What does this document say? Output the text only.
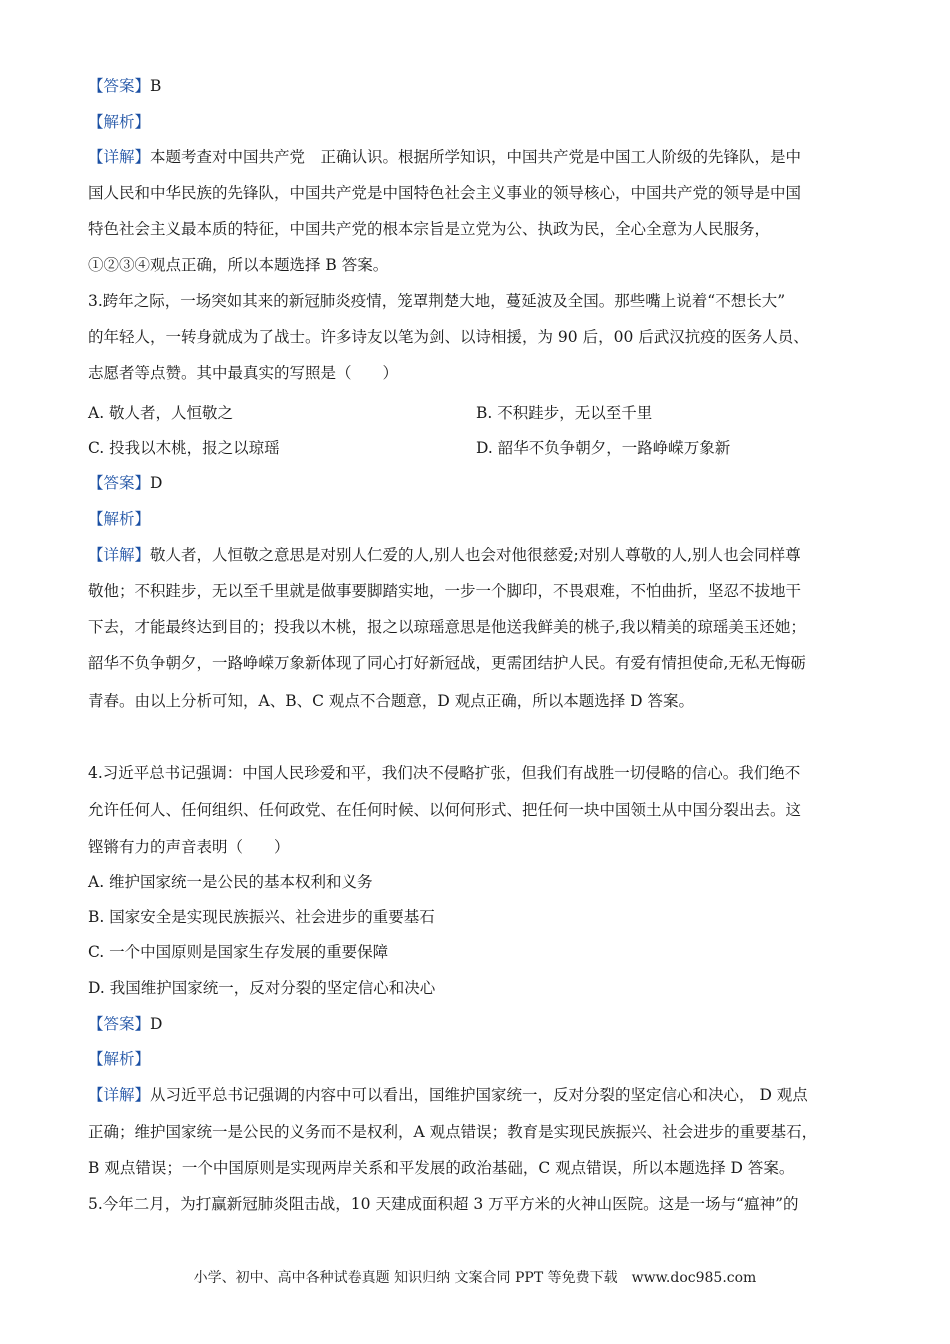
【答案】B
【解析】
【详解】本题考查对中国共产党　正确认识。根据所学知识，中国共产党是中国工人阶级的先锋队，是中
国人民和中华民族的先锋队，中国共产党是中国特色社会主义事业的领导核心，中国共产党的领导是中国
特色社会主义最本质的特征，中国共产党的根本宗旨是立党为公、执政为民，全心全意为人民服务，
①②③④观点正确，所以本题选择 B 答案。
3.跨年之际，一场突如其来的新冠肺炎疫情，笼罩荆楚大地，蔓延波及全国。那些嘴上说着“不想长大”
的年轻人，一转身就成为了战士。许多诗友以笔为剑、以诗相援，为 90 后，00 后武汉抗疫的医务人员、
志愿者等点赞。其中最真实的写照是（　　）
A. 敬人者，人恒敬之	B. 不积跬步，无以至千里
C. 投我以木桃，报之以琼瑶	D. 韶华不负争朝夕，一路峥嵘万象新
【答案】D
【解析】
【详解】敬人者，人恒敬之意思是对别人仁爱的人,别人也会对他很慈爱;对别人尊敬的人,别人也会同样尊
敬他；不积跬步，无以至千里就是做事要脚踏实地，一步一个脚印，不畏艰难，不怕曲折，坚忍不拔地干
下去，才能最终达到目的；投我以木桃，报之以琼瑶意思是他送我鲜美的桃子,我以精美的琼瑶美玉还她；
韶华不负争朝夕，一路峥嵘万象新体现了同心打好新冠战，更需团结护人民。有爱有情担使命,无私无悔砺
青春。由以上分析可知，A、B、C 观点不合题意，D 观点正确，所以本题选择 D 答案。
4.习近平总书记强调：中国人民珍爱和平，我们决不侵略扩张，但我们有战胜一切侵略的信心。我们绝不
允许任何人、任何组织、任何政党、在任何时候、以何何形式、把任何一块中国领土从中国分裂出去。这
铿锵有力的声音表明（　　）
A. 维护国家统一是公民的基本权利和义务
B. 国家安全是实现民族振兴、社会进步的重要基石
C. 一个中国原则是国家生存发展的重要保障
D. 我国维护国家统一，反对分裂的坚定信心和决心
【答案】D
【解析】
【详解】从习近平总书记强调的内容中可以看出，国维护国家统一，反对分裂的坚定信心和决心， D 观点
正确；维护国家统一是公民的义务而不是权利，A 观点错误；教育是实现民族振兴、社会进步的重要基石，
B 观点错误；一个中国原则是实现两岸关系和平发展的政治基础，C 观点错误，所以本题选择 D 答案。
5.今年二月，为打赢新冠肺炎阻击战，10 天建成面积超 3 万平方米的火神山医院。这是一场与“瘟神”的
小学、初中、高中各种试卷真题 知识归纳 文案合同 PPT 等免费下载　www.doc985.com
